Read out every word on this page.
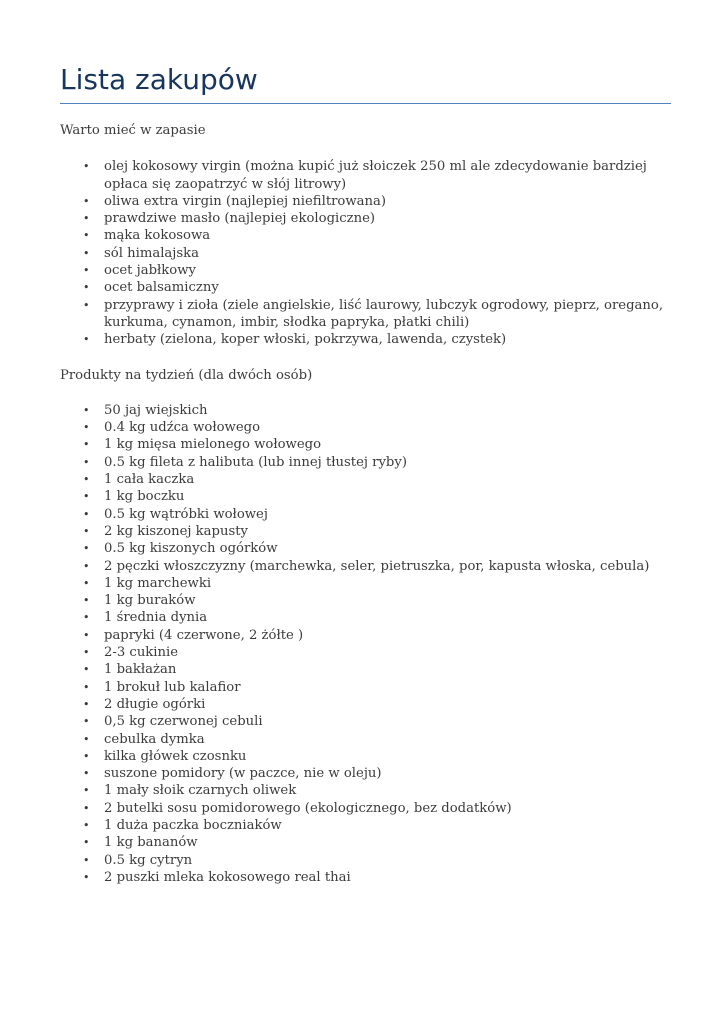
Lista zakupów

Warto mieć w zapasie

• olej kokosowy virgin (można kupić już słoiczek 250 ml ale zdecydowanie bardziej opłaca się zaopatrzyć w słój litrowy)
• oliwa extra virgin (najlepiej niefiltrowana)
• prawdziwe masło (najlepiej ekologiczne)
• mąka kokosowa
• sól himalajska
• ocet jabłkowy
• ocet balsamiczny
• przyprawy i zioła (ziele angielskie, liść laurowy, lubczyk ogrodowy, pieprz, oregano, kurkuma, cynamon, imbir, słodka papryka, płatki chili)
• herbaty (zielona, koper włoski, pokrzywa, lawenda, czystek)

Produkty na tydzień (dla dwóch osób)

• 50 jaj wiejskich
• 0.4 kg udźca wołowego
• 1 kg mięsa mielonego wołowego
• 0.5 kg fileta z halibuta (lub innej tłustej ryby)
• 1 cała kaczka
• 1 kg boczku
• 0.5 kg wątróbki wołowej
• 2 kg kiszonej kapusty
• 0.5 kg kiszonych ogórków
• 2 pęczki włoszczyzny (marchewka, seler, pietruszka, por, kapusta włoska, cebula)
• 1 kg marchewki
• 1 kg buraków
• 1 średnia dynia
• papryki (4 czerwone, 2 żółte )
• 2-3 cukinie
• 1 bakłażan
• 1 brokuł lub kalafior
• 2 długie ogórki
• 0,5 kg czerwonej cebuli
• cebulka dymka
• kilka główek czosnku
• suszone pomidory (w paczce, nie w oleju)
• 1 mały słoik czarnych oliwek
• 2 butelki sosu pomidorowego (ekologicznego, bez dodatków)
• 1 duża paczka boczniaków
• 1 kg bananów
• 0.5 kg cytryn
• 2 puszki mleka kokosowego real thai
